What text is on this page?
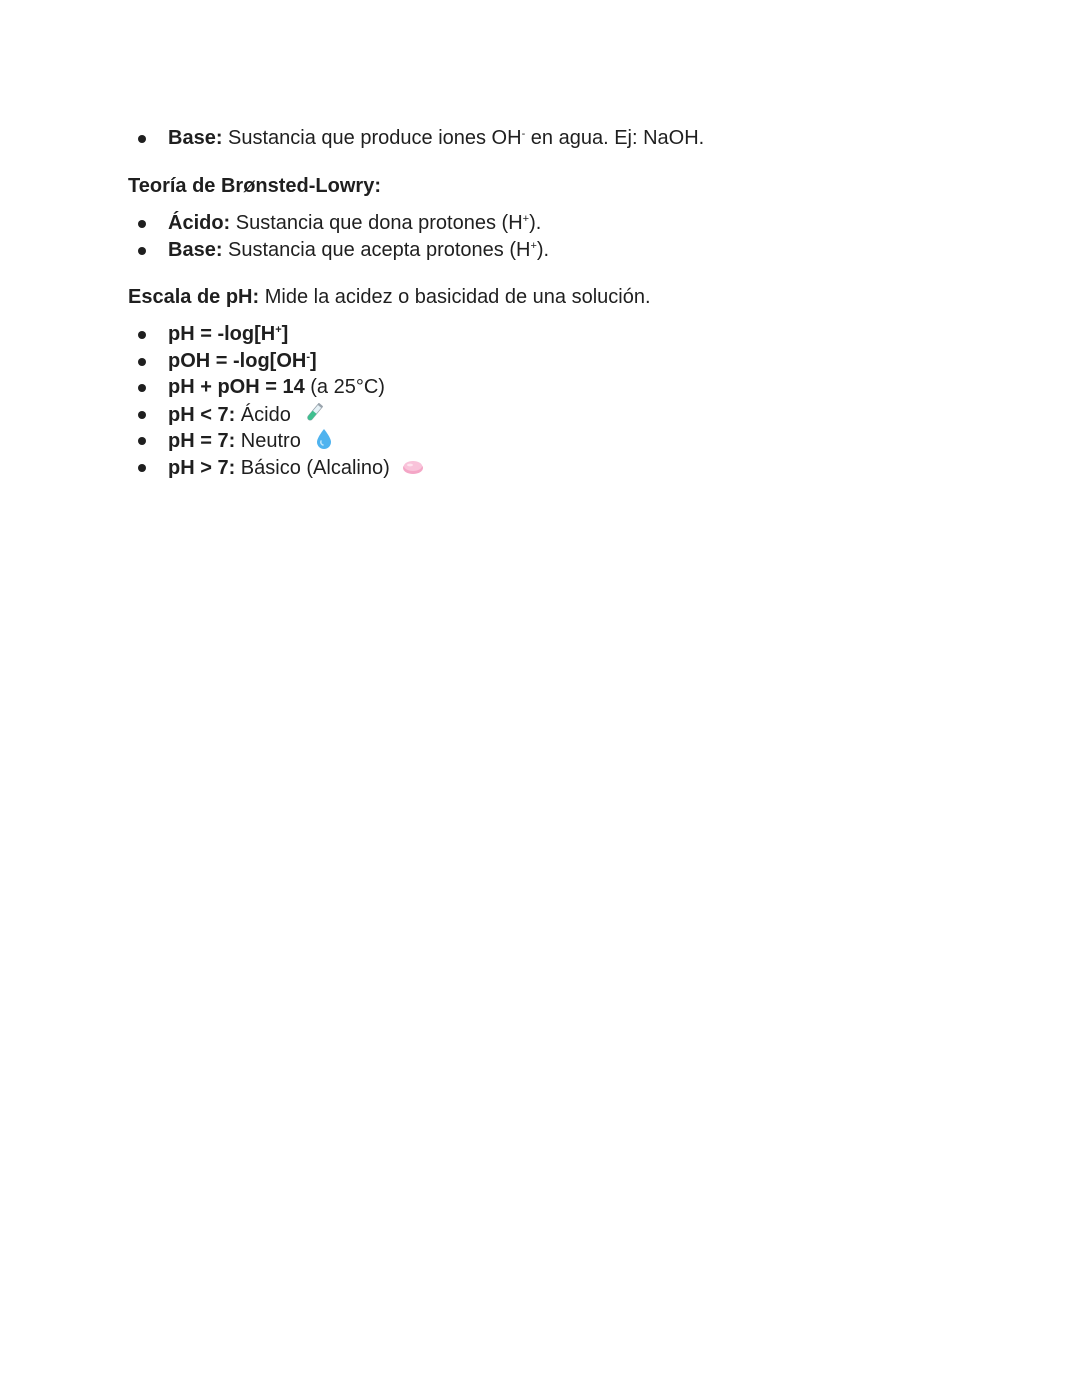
Base: Sustancia que produce iones OH- en agua. Ej: NaOH.

Teoría de Brønsted-Lowry:

Ácido: Sustancia que dona protones (H+).
Base: Sustancia que acepta protones (H+).

Escala de pH: Mide la acidez o basicidad de una solución.

pH = -log[H+]
pOH = -log[OH-]
pH + pOH = 14 (a 25°C)
pH < 7: Ácido
pH = 7: Neutro
pH > 7: Básico (Alcalino)
